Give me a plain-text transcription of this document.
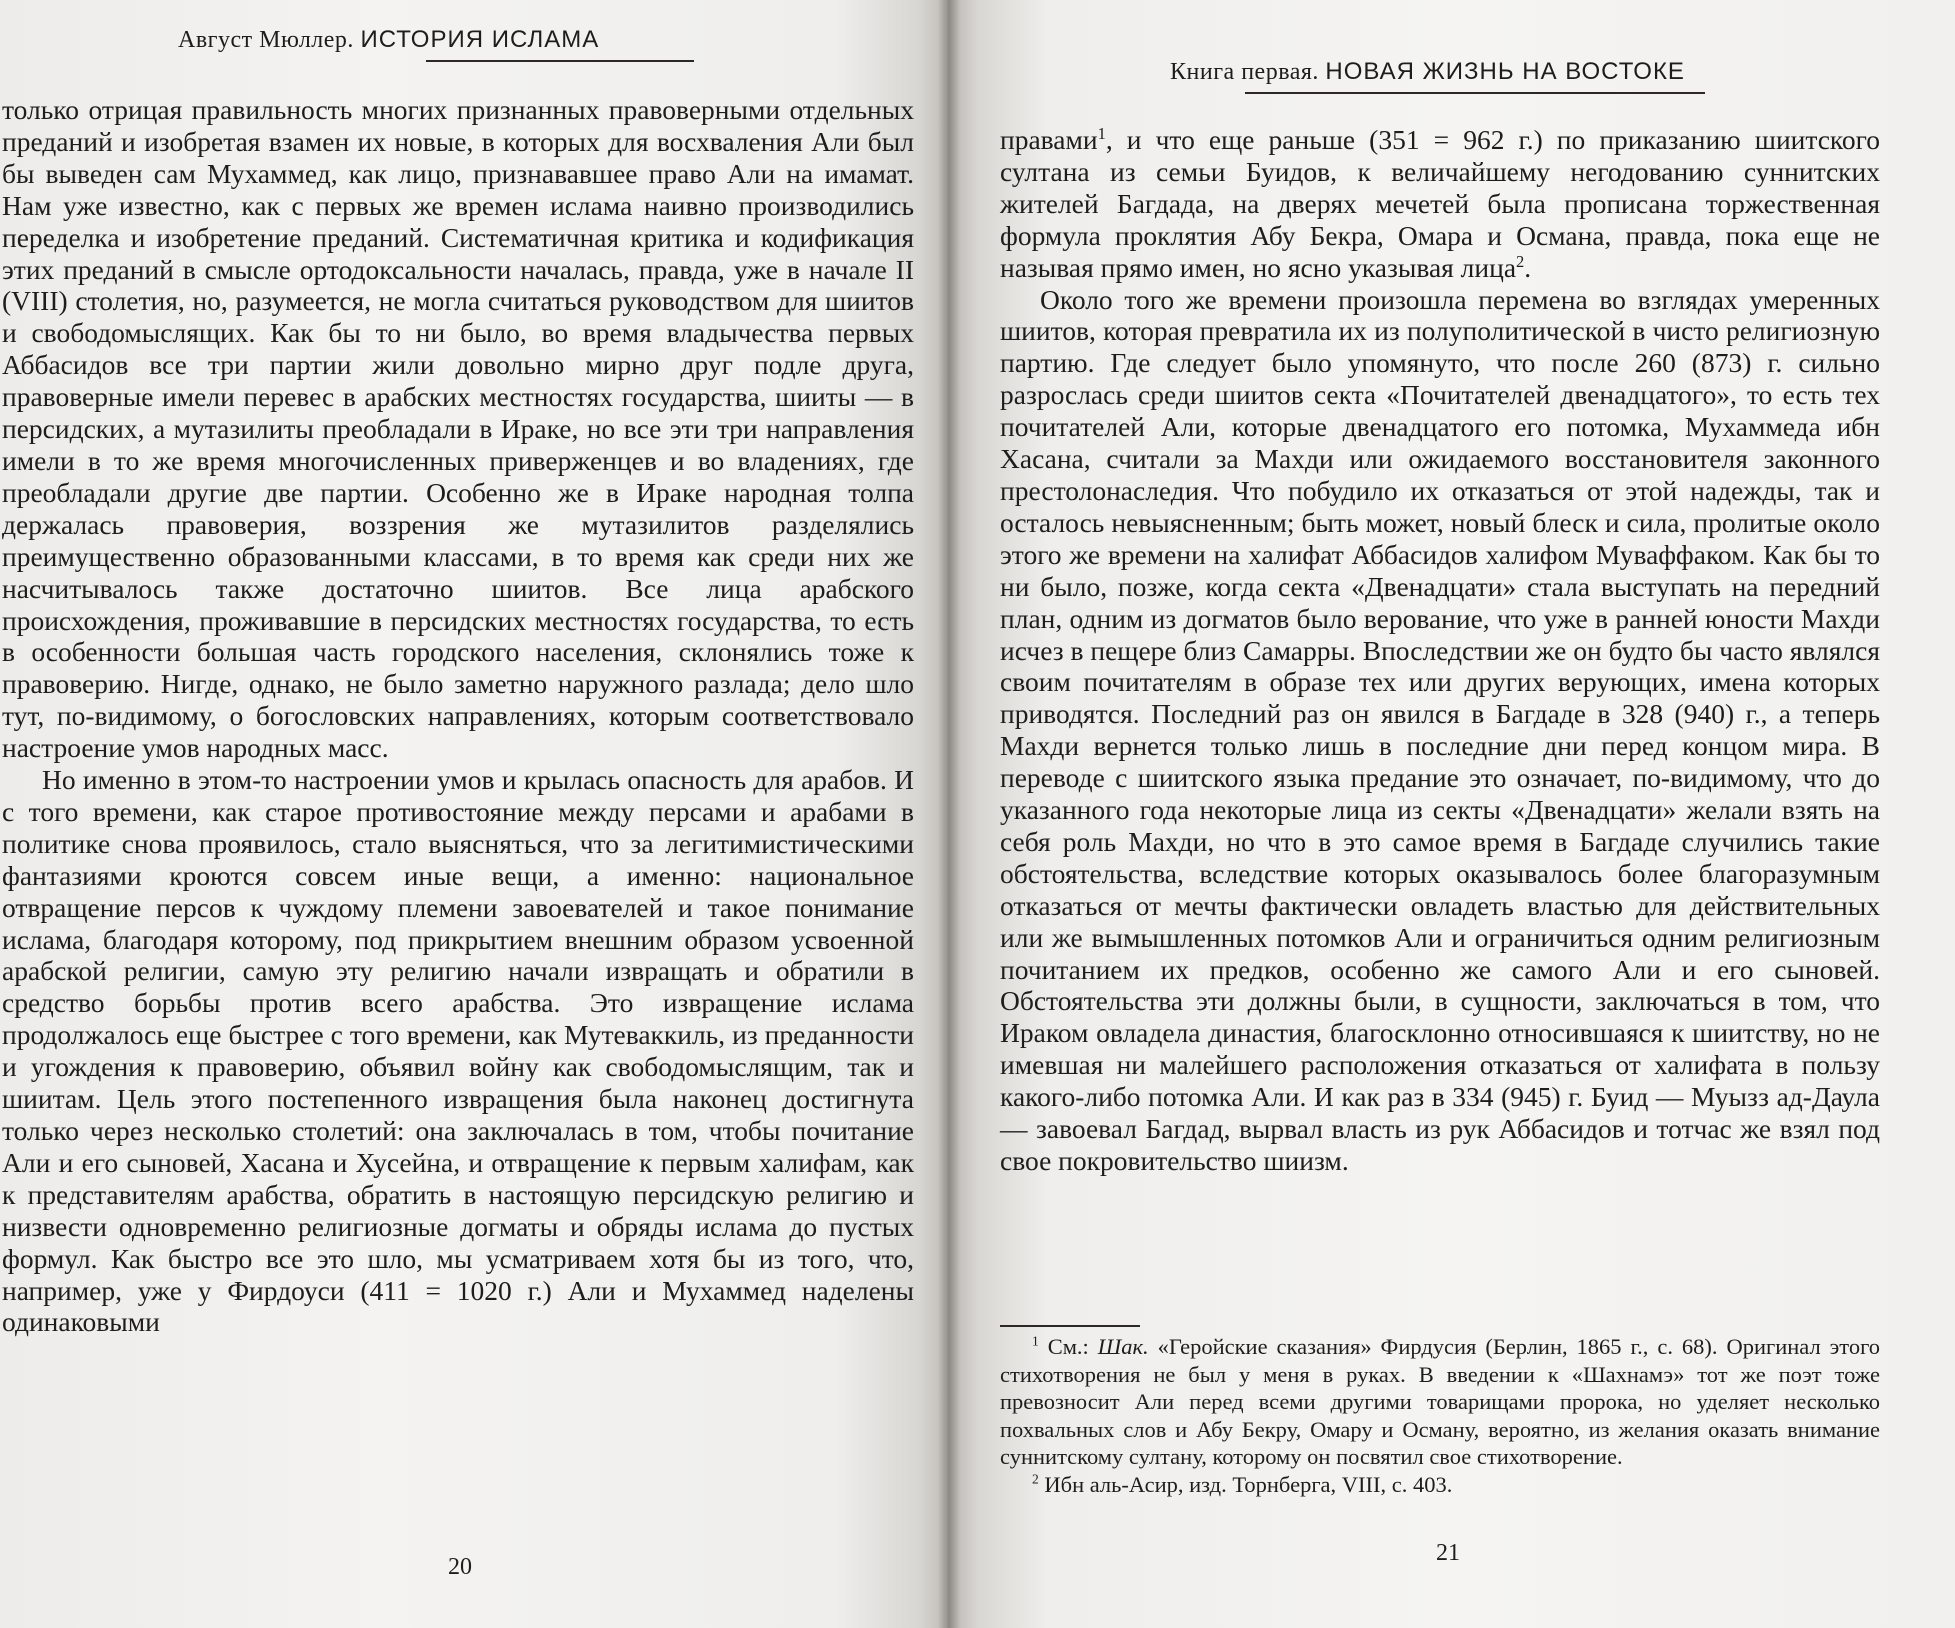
Август Мюллер. ИСТОРИЯ ИСЛАМА

только отрицая правильность многих признанных правоверными отдельных преданий и изобретая взамен их новые, в которых для восхваления Али был бы выведен сам Мухаммед, как лицо, признававшее право Али на имамат. Нам уже известно, как с первых же времен ислама наивно производились переделка и изобретение преданий. Систематичная критика и кодификация этих преданий в смысле ортодоксальности началась, правда, уже в начале II (VIII) столетия, но, разумеется, не могла считаться руководством для шиитов и свободомыслящих. Как бы то ни было, во время владычества первых Аббасидов все три партии жили довольно мирно друг подле друга, правоверные имели перевес в арабских местностях государства, шииты — в персидских, а мутазилиты преобладали в Ираке, но все эти три направления имели в то же время многочисленных приверженцев и во владениях, где преобладали другие две партии. Особенно же в Ираке народная толпа держалась правоверия, воззрения же мутазилитов разделялись преимущественно образованными классами, в то время как среди них же насчитывалось также достаточно шиитов. Все лица арабского происхождения, проживавшие в персидских местностях государства, то есть в особенности большая часть городского населения, склонялись тоже к правоверию. Нигде, однако, не было заметно наружного разлада; дело шло тут, по-видимому, о богословских направлениях, которым соответствовало настроение умов народных масс.

Но именно в этом-то настроении умов и крылась опасность для арабов. И с того времени, как старое противостояние между персами и арабами в политике снова проявилось, стало выясняться, что за легитимистическими фантазиями кроются совсем иные вещи, а именно: национальное отвращение персов к чуждому племени завоевателей и такое понимание ислама, благодаря которому, под прикрытием внешним образом усвоенной арабской религии, самую эту религию начали извращать и обратили в средство борьбы против всего арабства. Это извращение ислама продолжалось еще быстрее с того времени, как Мутеваккиль, из преданности и угождения к правоверию, объявил войну как свободомыслящим, так и шиитам. Цель этого постепенного извращения была наконец достигнута только через несколько столетий: она заключалась в том, чтобы почитание Али и его сыновей, Хасана и Хусейна, и отвращение к первым халифам, как к представителям арабства, обратить в настоящую персидскую религию и низвести одновременно религиозные догматы и обряды ислама до пустых формул. Как быстро все это шло, мы усматриваем хотя бы из того, что, например, уже у Фирдоуси (411 = 1020 г.) Али и Мухаммед наделены одинаковыми

20
Книга первая. НОВАЯ ЖИЗНЬ НА ВОСТОКЕ

правами$^1$, и что еще раньше (351 = 962 г.) по приказанию шиитского султана из семьи Буидов, к величайшему негодованию суннитских жителей Багдада, на дверях мечетей была прописана торжественная формула проклятия Абу Бекра, Омара и Османа, правда, пока еще не называя прямо имен, но ясно указывая лица$^2$.

Около того же времени произошла перемена во взглядах умеренных шиитов, которая превратила их из полуполитической в чисто религиозную партию. Где следует было упомянуто, что после 260 (873) г. сильно разрослась среди шиитов секта «Почитателей двенадцатого», то есть тех почитателей Али, которые двенадцатого его потомка, Мухаммеда ибн Хасана, считали за Махди или ожидаемого восстановителя законного престолонаследия. Что побудило их отказаться от этой надежды, так и осталось невыясненным; быть может, новый блеск и сила, пролитые около этого же времени на халифат Аббасидов халифом Муваффаком. Как бы то ни было, позже, когда секта «Двенадцати» стала выступать на передний план, одним из догматов было верование, что уже в ранней юности Махди исчез в пещере близ Самарры. Впоследствии же он будто бы часто являлся своим почитателям в образе тех или других верующих, имена которых приводятся. Последний раз он явился в Багдаде в 328 (940) г., а теперь Махди вернется только лишь в последние дни перед концом мира. В переводе с шиитского языка предание это означает, по-видимому, что до указанного года некоторые лица из секты «Двенадцати» желали взять на себя роль Махди, но что в это самое время в Багдаде случились такие обстоятельства, вследствие которых оказывалось более благоразумным отказаться от мечты фактически овладеть властью для действительных или же вымышленных потомков Али и ограничиться одним религиозным почитанием их предков, особенно же самого Али и его сыновей. Обстоятельства эти должны были, в сущности, заключаться в том, что Ираком овладела династия, благосклонно относившаяся к шиитству, но не имевшая ни малейшего расположения отказаться от халифата в пользу какого-либо потомка Али. И как раз в 334 (945) г. Буид — Муызз ад-Даула — завоевал Багдад, вырвал власть из рук Аббасидов и тотчас же взял под свое покровительство шиизм.

$^1$ См.: Шак. «Геройские сказания» Фирдусия (Берлин, 1865 г., с. 68). Оригинал этого стихотворения не был у меня в руках. В введении к «Шахнамэ» тот же поэт тоже превозносит Али перед всеми другими товарищами пророка, но уделяет несколько похвальных слов и Абу Бекру, Омару и Осману, вероятно, из желания оказать внимание суннитскому султану, которому он посвятил свое стихотворение.

$^2$ Ибн аль-Асир, изд. Торнберга, VIII, с. 403.

21
